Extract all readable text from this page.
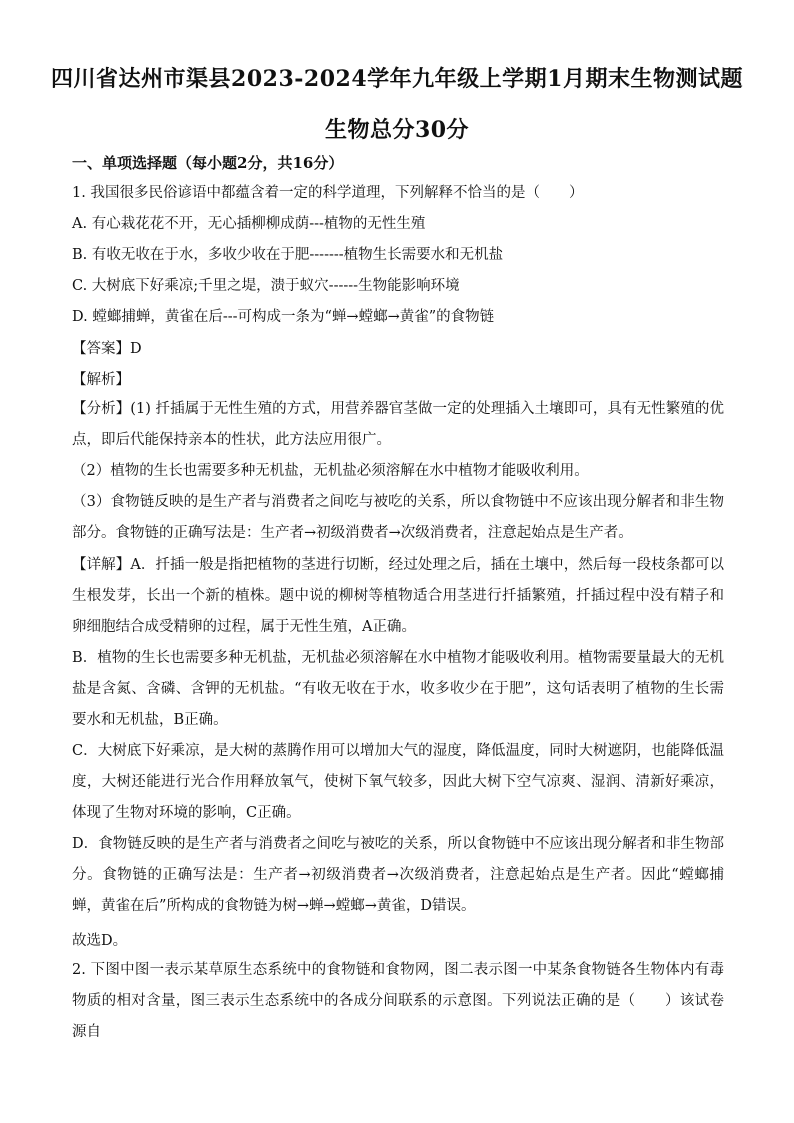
四川省达州市渠县2023-2024学年九年级上学期1月期末生物测试题
生物总分30分
一、单项选择题（每小题2分，共16分）
1. 我国很多民俗谚语中都蕴含着一定的科学道理，下列解释不恰当的是（　　）
A. 有心栽花花不开，无心插柳柳成荫---植物的无性生殖
B. 有收无收在于水，多收少收在于肥-------植物生长需要水和无机盐
C. 大树底下好乘凉;千里之堤，溃于蚁穴------生物能影响环境
D. 螳螂捕蝉，黄雀在后---可构成一条为“蝉→螳螂→黄雀”的食物链
【答案】D
【解析】
【分析】(1) 扦插属于无性生殖的方式，用营养器官茎做一定的处理插入土壤即可，具有无性繁殖的优点，即后代能保持亲本的性状，此方法应用很广。
（2）植物的生长也需要多种无机盐，无机盐必须溶解在水中植物才能吸收利用。
（3）食物链反映的是生产者与消费者之间吃与被吃的关系，所以食物链中不应该出现分解者和非生物部分。食物链的正确写法是：生产者→初级消费者→次级消费者，注意起始点是生产者。
【详解】A．扦插一般是指把植物的茎进行切断，经过处理之后，插在土壤中，然后每一段枝条都可以生根发芽，长出一个新的植株。题中说的柳树等植物适合用茎进行扦插繁殖，扦插过程中没有精子和卵细胞结合成受精卵的过程，属于无性生殖，A正确。
B．植物的生长也需要多种无机盐，无机盐必须溶解在水中植物才能吸收利用。植物需要量最大的无机盐是含氮、含磷、含钾的无机盐。“有收无收在于水，收多收少在于肥”，这句话表明了植物的生长需要水和无机盐，B正确。
C．大树底下好乘凉，是大树的蒸腾作用可以增加大气的湿度，降低温度，同时大树遮阴，也能降低温度，大树还能进行光合作用释放氧气，使树下氧气较多，因此大树下空气凉爽、湿润、清新好乘凉，体现了生物对环境的影响，C正确。
D．食物链反映的是生产者与消费者之间吃与被吃的关系，所以食物链中不应该出现分解者和非生物部分。食物链的正确写法是：生产者→初级消费者→次级消费者，注意起始点是生产者。因此“螳螂捕蝉，黄雀在后”所构成的食物链为树→蝉→螳螂→黄雀，D错误。
故选D。
2. 下图中图一表示某草原生态系统中的食物链和食物网，图二表示图一中某条食物链各生物体内有毒物质的相对含量，图三表示生态系统中的各成分间联系的示意图。下列说法正确的是（　　）该试卷源自
